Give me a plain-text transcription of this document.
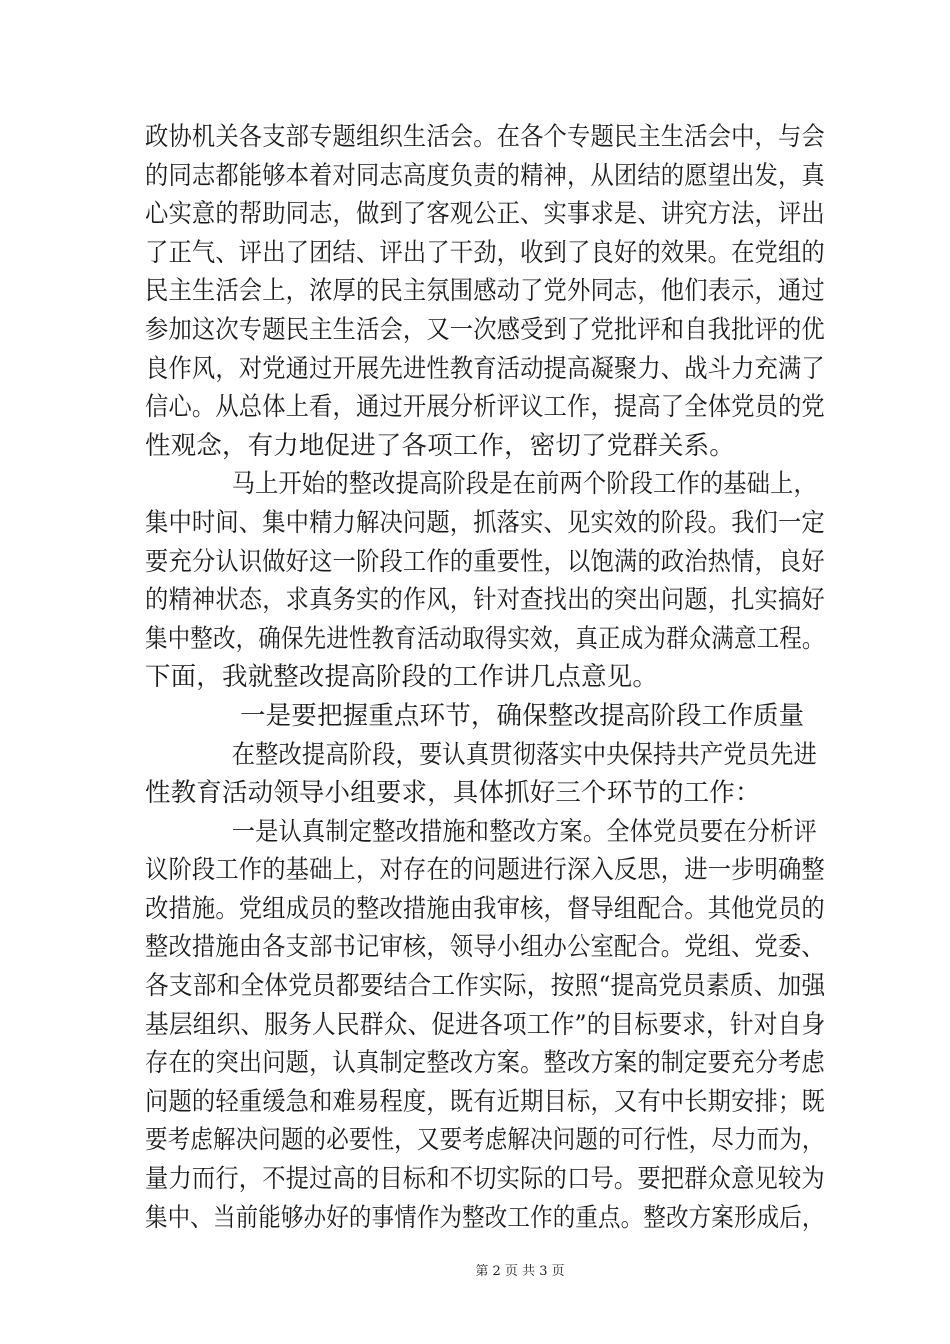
政协机关各支部专题组织生活会。在各个专题民主生活会中，与会
的同志都能够本着对同志高度负责的精神，从团结的愿望出发，真
心实意的帮助同志，做到了客观公正、实事求是、讲究方法，评出
了正气、评出了团结、评出了干劲，收到了良好的效果。在党组的
民主生活会上，浓厚的民主氛围感动了党外同志，他们表示，通过
参加这次专题民主生活会，又一次感受到了党批评和自我批评的优
良作风，对党通过开展先进性教育活动提高凝聚力、战斗力充满了
信心。从总体上看，通过开展分析评议工作，提高了全体党员的党
性观念，有力地促进了各项工作，密切了党群关系。
马上开始的整改提高阶段是在前两个阶段工作的基础上，
集中时间、集中精力解决问题，抓落实、见实效的阶段。我们一定
要充分认识做好这一阶段工作的重要性，以饱满的政治热情，良好
的精神状态，求真务实的作风，针对查找出的突出问题，扎实搞好
集中整改，确保先进性教育活动取得实效，真正成为群众满意工程。
下面，我就整改提高阶段的工作讲几点意见。
一是要把握重点环节，确保整改提高阶段工作质量
在整改提高阶段，要认真贯彻落实中央保持共产党员先进
性教育活动领导小组要求，具体抓好三个环节的工作：
一是认真制定整改措施和整改方案。全体党员要在分析评
议阶段工作的基础上，对存在的问题进行深入反思，进一步明确整
改措施。党组成员的整改措施由我审核，督导组配合。其他党员的
整改措施由各支部书记审核，领导小组办公室配合。党组、党委、
各支部和全体党员都要结合工作实际，按照“提高党员素质、加强
基层组织、服务人民群众、促进各项工作”的目标要求，针对自身
存在的突出问题，认真制定整改方案。整改方案的制定要充分考虑
问题的轻重缓急和难易程度，既有近期目标，又有中长期安排；既
要考虑解决问题的必要性，又要考虑解决问题的可行性，尽力而为，
量力而行，不提过高的目标和不切实际的口号。要把群众意见较为
集中、当前能够办好的事情作为整改工作的重点。整改方案形成后，
第 2 页 共 3 页
